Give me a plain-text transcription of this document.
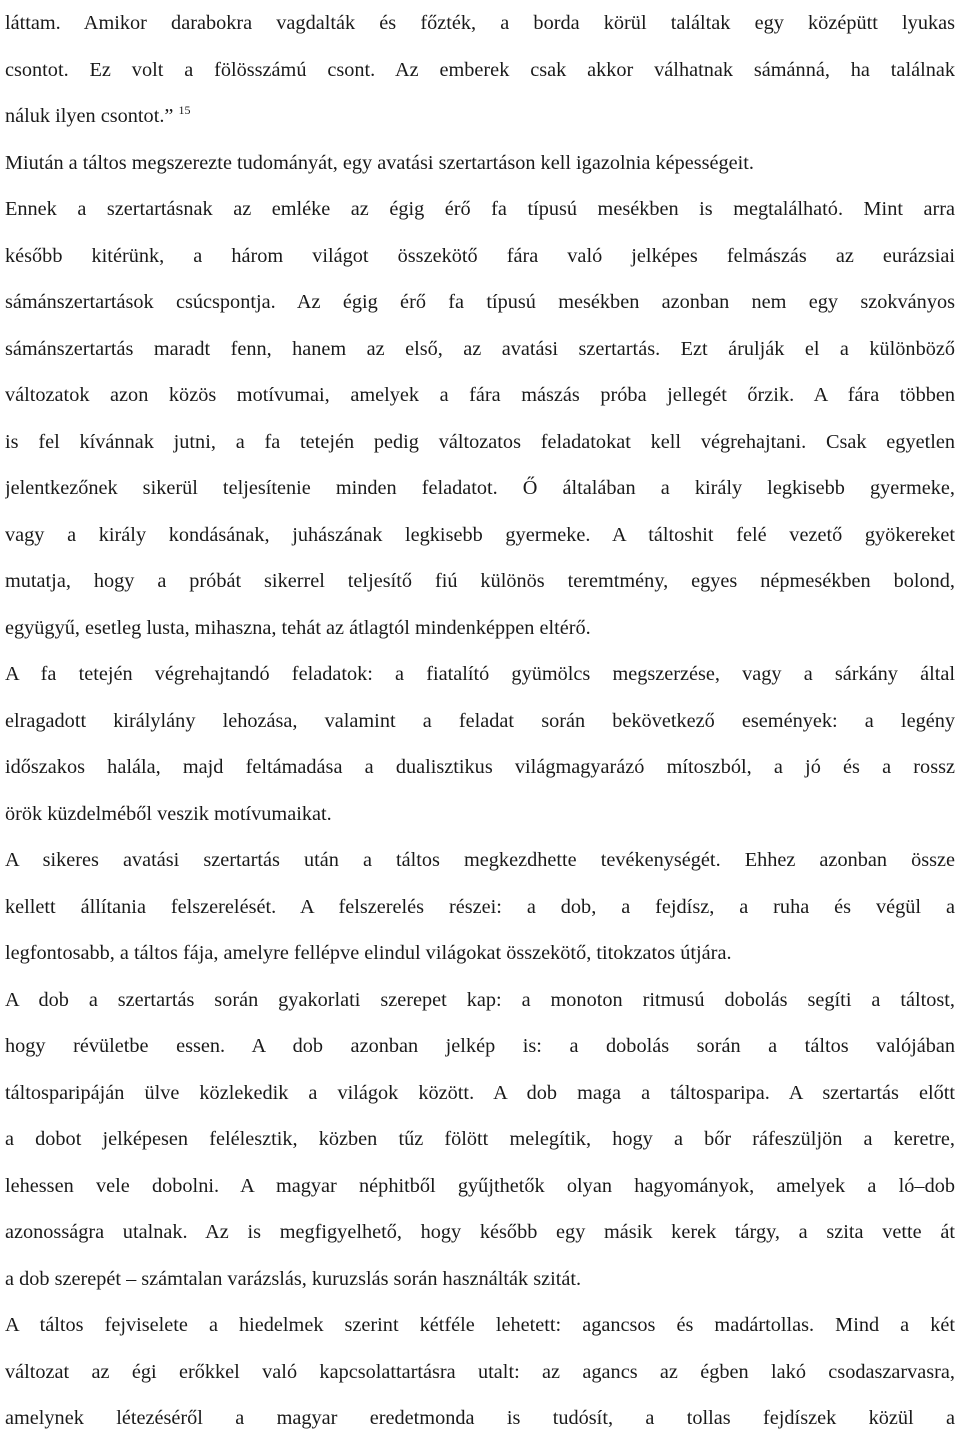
láttam. Amikor darabokra vagdalták és főzték, a borda körül találtak egy középütt lyukas
csontot. Ez volt a fölösszámú csont. Az emberek csak akkor válhatnak sámánná, ha találnak
náluk ilyen csontot.” $^{15}$
Miután a táltos megszerezte tudományát, egy avatási szertartáson kell igazolnia képességeit.
Ennek a szertartásnak az emléke az égig érő fa típusú mesékben is megtalálható. Mint arra
később kitérünk, a három világot összekötő fára való jelképes felmászás az eurázsiai
sámánszertartások csúcspontja. Az égig érő fa típusú mesékben azonban nem egy szokványos
sámánszertartás maradt fenn, hanem az első, az avatási szertartás. Ezt árulják el a különböző
változatok azon közös motívumai, amelyek a fára mászás próba jellegét őrzik. A fára többen
is fel kívánnak jutni, a fa tetején pedig változatos feladatokat kell végrehajtani. Csak egyetlen
jelentkezőnek sikerül teljesítenie minden feladatot. Ő általában a király legkisebb gyermeke,
vagy a király kondásának, juhászának legkisebb gyermeke. A táltoshit felé vezető gyökereket
mutatja, hogy a próbát sikerrel teljesítő fiú különös teremtmény, egyes népmesékben bolond,
együgyű, esetleg lusta, mihaszna, tehát az átlagtól mindenképpen eltérő.
A fa tetején végrehajtandó feladatok: a fiatalító gyümölcs megszerzése, vagy a sárkány által
elragadott királylány lehozása, valamint a feladat során bekövetkező események: a legény
időszakos halála, majd feltámadása a dualisztikus világmagyarázó mítoszból, a jó és a rossz
örök küzdelméből veszik motívumaikat.
A sikeres avatási szertartás után a táltos megkezdhette tevékenységét. Ehhez azonban össze
kellett állítania felszerelését. A felszerelés részei: a dob, a fejdísz, a ruha és végül a
legfontosabb, a táltos fája, amelyre fellépve elindul világokat összekötő, titokzatos útjára.
A dob a szertartás során gyakorlati szerepet kap: a monoton ritmusú dobolás segíti a táltost,
hogy révületbe essen. A dob azonban jelkép is: a dobolás során a táltos valójában
táltosparipáján ülve közlekedik a világok között. A dob maga a táltosparipa. A szertartás előtt
a dobot jelképesen felélesztik, közben tűz fölött melegítik, hogy a bőr ráfeszüljön a keretre,
lehessen vele dobolni. A magyar néphitből gyűjthetők olyan hagyományok, amelyek a ló–dob
azonosságra utalnak. Az is megfigyelhető, hogy később egy másik kerek tárgy, a szita vette át
a dob szerepét – számtalan varázslás, kuruzslás során használták szitát.
A táltos fejviselete a hiedelmek szerint kétféle lehetett: agancsos és madártollas. Mind a két
változat az égi erőkkel való kapcsolattartásra utalt: az agancs az égben lakó csodaszarvasra,
amelynek létezéséről a magyar eredetmonda is tudósít, a tollas fejdíszek közül a
